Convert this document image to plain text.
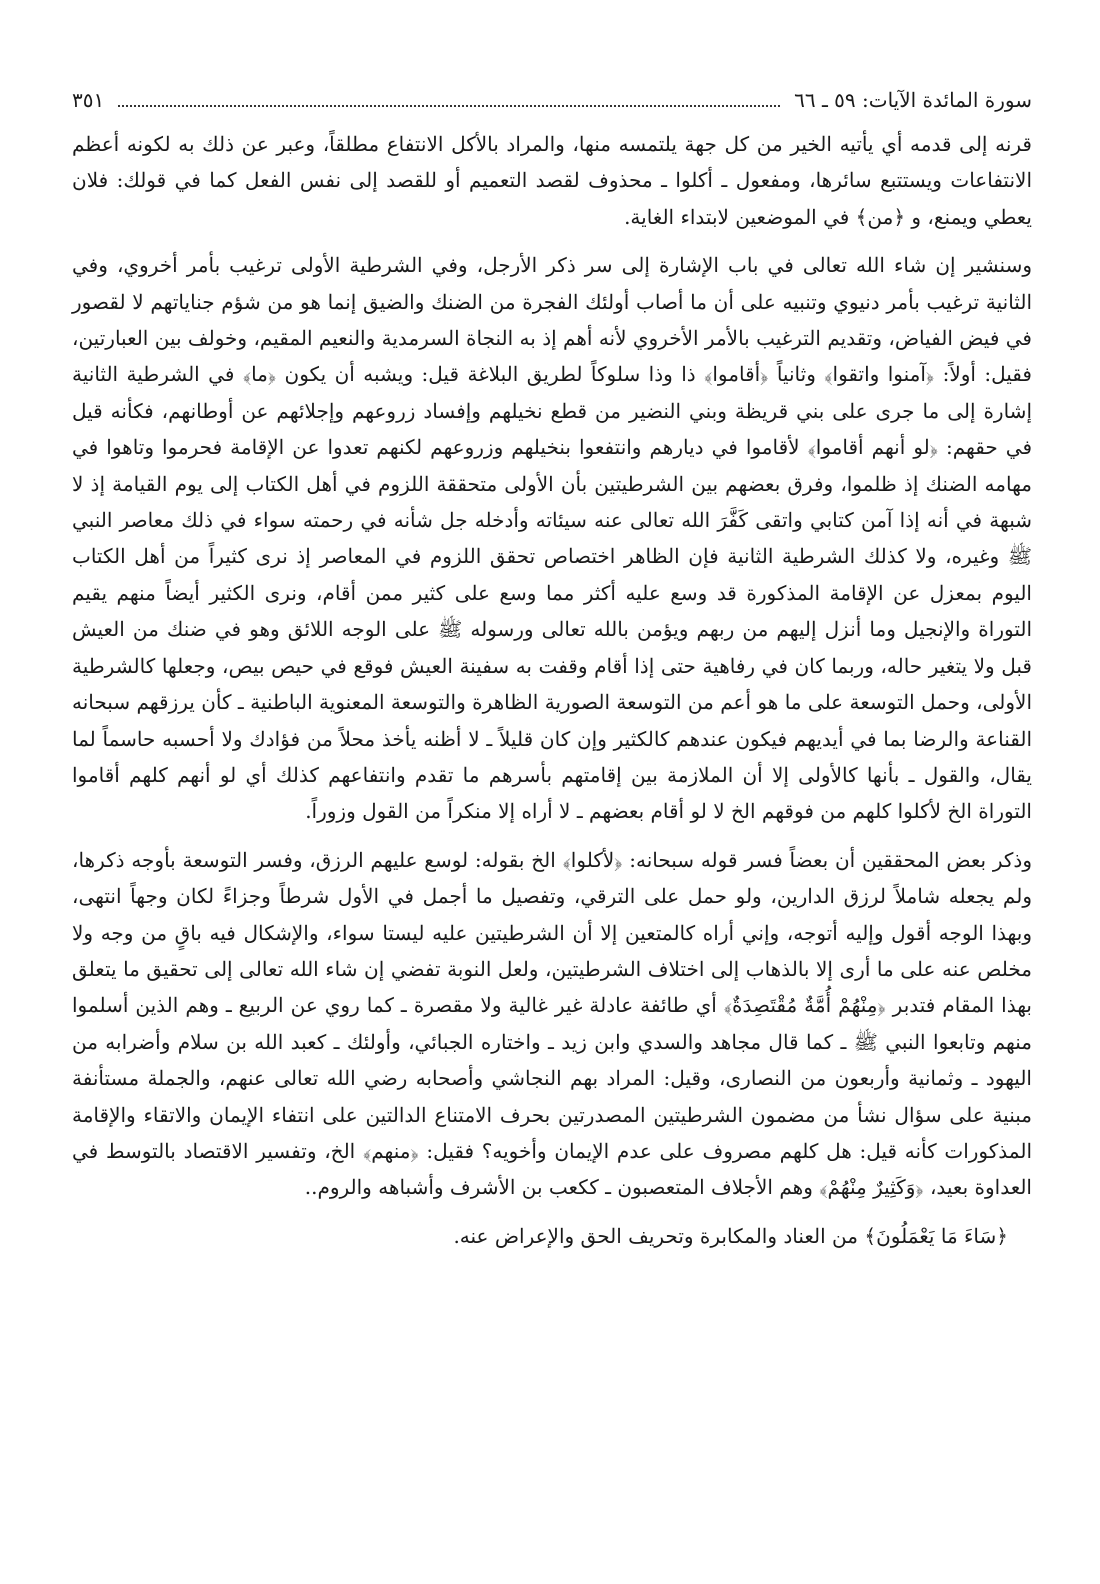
سورة المائدة الآيات: ٥٩ ـ ٦٦
٣٥١

قرنه إلى قدمه أي يأتيه الخير من كل جهة يلتمسه منها، والمراد بالأكل الانتفاع مطلقاً، وعبر عن ذلك به لكونه أعظم الانتفاعات ويستتبع سائرها، ومفعول ـ أكلوا ـ محذوف لقصد التعميم أو للقصد إلى نفس الفعل كما في قولك: فلان يعطي ويمنع، و ﴿من﴾ في الموضعين لابتداء الغاية.

وسنشير إن شاء الله تعالى في باب الإشارة إلى سر ذكر الأرجل، وفي الشرطية الأولى ترغيب بأمر أخروي، وفي الثانية ترغيب بأمر دنيوي وتنبيه على أن ما أصاب أولئك الفجرة من الضنك والضيق إنما هو من شؤم جناياتهم لا لقصور في فيض الفياض، وتقديم الترغيب بالأمر الأخروي لأنه أهم إذ به النجاة السرمدية والنعيم المقيم، وخولف بين العبارتين، فقيل: أولاً: ﴿آمنوا واتقوا﴾ وثانياً ﴿أقاموا﴾ ذا وذا سلوكاً لطريق البلاغة قيل: ويشبه أن يكون ﴿ما﴾ في الشرطية الثانية إشارة إلى ما جرى على بني قريظة وبني النضير من قطع نخيلهم وإفساد زروعهم وإجلائهم عن أوطانهم، فكأنه قيل في حقهم: ﴿لو أنهم أقاموا﴾ لأقاموا في ديارهم وانتفعوا بنخيلهم وزروعهم لكنهم تعدوا عن الإقامة فحرموا وتاهوا في مهامه الضنك إذ ظلموا، وفرق بعضهم بين الشرطيتين بأن الأولى متحققة اللزوم في أهل الكتاب إلى يوم القيامة إذ لا شبهة في أنه إذا آمن كتابي واتقى كَفَّرَ الله تعالى عنه سيئاته وأدخله جل شأنه في رحمته سواء في ذلك معاصر النبي ﷺ وغيره، ولا كذلك الشرطية الثانية فإن الظاهر اختصاص تحقق اللزوم في المعاصر إذ نرى كثيراً من أهل الكتاب اليوم بمعزل عن الإقامة المذكورة قد وسع عليه أكثر مما وسع على كثير ممن أقام، ونرى الكثير أيضاً منهم يقيم التوراة والإنجيل وما أنزل إليهم من ربهم ويؤمن بالله تعالى ورسوله ﷺ على الوجه اللائق وهو في ضنك من العيش قبل ولا يتغير حاله، وربما كان في رفاهية حتى إذا أقام وقفت به سفينة العيش فوقع في حيص بيص، وجعلها كالشرطية الأولى، وحمل التوسعة على ما هو أعم من التوسعة الصورية الظاهرة والتوسعة المعنوية الباطنية ـ كأن يرزقهم سبحانه القناعة والرضا بما في أيديهم فيكون عندهم كالكثير وإن كان قليلاً ـ لا أظنه يأخذ محلاً من فؤادك ولا أحسبه حاسماً لما يقال، والقول ـ بأنها كالأولى إلا أن الملازمة بين إقامتهم بأسرهم ما تقدم وانتفاعهم كذلك أي لو أنهم كلهم أقاموا التوراة الخ لأكلوا كلهم من فوقهم الخ لا لو أقام بعضهم ـ لا أراه إلا منكراً من القول وزوراً.

وذكر بعض المحققين أن بعضاً فسر قوله سبحانه: ﴿لأكلوا﴾ الخ بقوله: لوسع عليهم الرزق، وفسر التوسعة بأوجه ذكرها، ولم يجعله شاملاً لرزق الدارين، ولو حمل على الترقي، وتفصيل ما أجمل في الأول شرطاً وجزاءً لكان وجهاً انتهى، وبهذا الوجه أقول وإليه أتوجه، وإني أراه كالمتعين إلا أن الشرطيتين عليه ليستا سواء، والإشكال فيه باقٍ من وجه ولا مخلص عنه على ما أرى إلا بالذهاب إلى اختلاف الشرطيتين، ولعل النوبة تفضي إن شاء الله تعالى إلى تحقيق ما يتعلق بهذا المقام فتدبر ﴿مِنْهُمْ أُمَّةٌ مُقْتَصِدَةٌ﴾ أي طائفة عادلة غير غالية ولا مقصرة ـ كما روي عن الربيع ـ وهم الذين أسلموا منهم وتابعوا النبي ﷺ ـ كما قال مجاهد والسدي وابن زيد ـ واختاره الجبائي، وأولئك ـ كعبد الله بن سلام وأضرابه من اليهود ـ وثمانية وأربعون من النصارى، وقيل: المراد بهم النجاشي وأصحابه رضي الله تعالى عنهم، والجملة مستأنفة مبنية على سؤال نشأ من مضمون الشرطيتين المصدرتين بحرف الامتناع الدالتين على انتفاء الإيمان والاتقاء والإقامة المذكورات كأنه قيل: هل كلهم مصروف على عدم الإيمان وأخويه؟ فقيل: ﴿منهم﴾ الخ، وتفسير الاقتصاد بالتوسط في العداوة بعيد، ﴿وَكَثِيرٌ مِنْهُمْ﴾ وهم الأجلاف المتعصبون ـ ككعب بن الأشرف وأشباهه والروم..

﴿سَاءَ مَا يَعْمَلُونَ﴾ من العناد والمكابرة وتحريف الحق والإعراض عنه.
